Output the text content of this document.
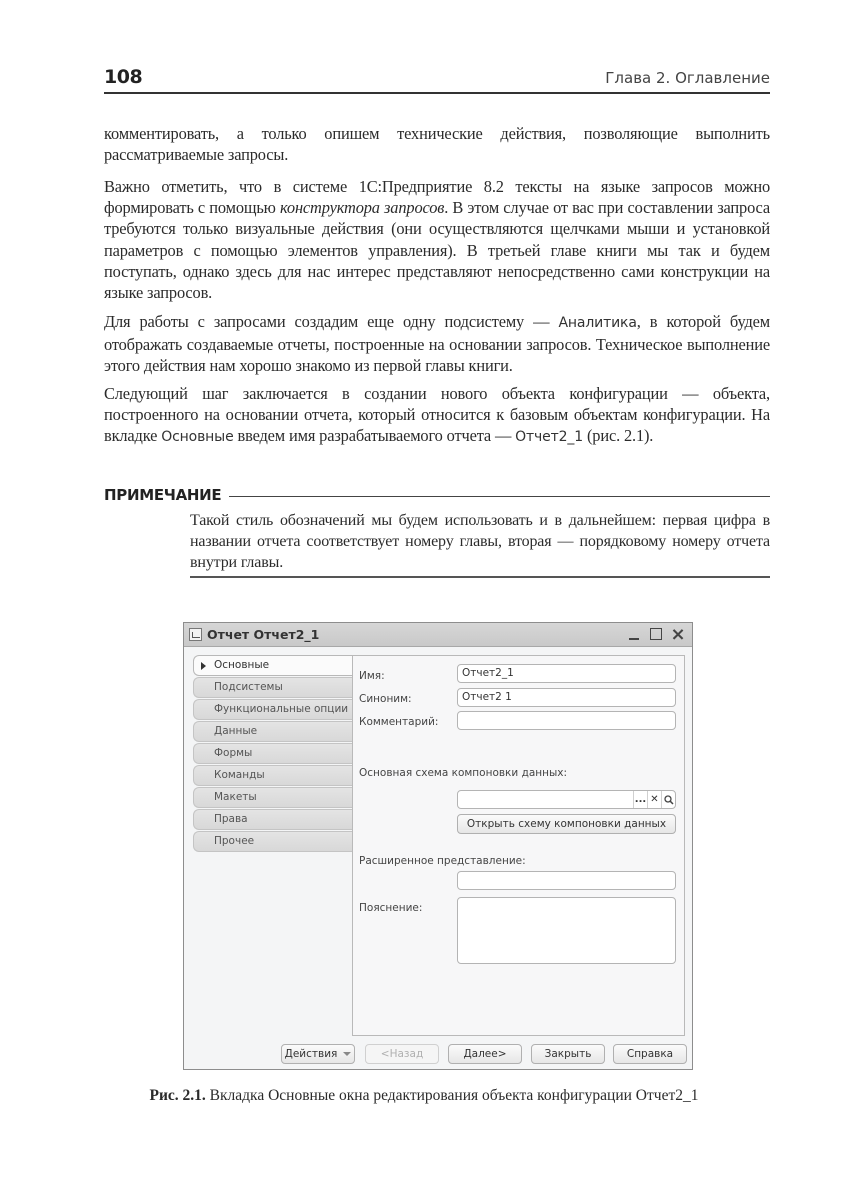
108	Глава 2. Оглавление

комментировать, а только опишем технические действия, позволяющие выполнить рассматриваемые запросы.

Важно отметить, что в системе 1С:Предприятие 8.2 тексты на языке запросов можно формировать с помощью конструктора запросов. В этом случае от вас при составлении запроса требуются только визуальные действия (они осуществляются щелчками мыши и установкой параметров с помощью элементов управления). В третьей главе книги мы так и будем поступать, однако здесь для нас интерес представляют непосредственно сами конструкции на языке запросов.

Для работы с запросами создадим еще одну подсистему — Аналитика, в которой будем отображать создаваемые отчеты, построенные на основании запросов. Техническое выполнение этого действия нам хорошо знакомо из первой главы книги.

Следующий шаг заключается в создании нового объекта конфигурации — объекта, построенного на основании отчета, который относится к базовым объектам конфигурации. На вкладке Основные введем имя разрабатываемого отчета — Отчет2_1 (рис. 2.1).

ПРИМЕЧАНИЕ

Такой стиль обозначений мы будем использовать и в дальнейшем: первая цифра в названии отчета соответствует номеру главы, вторая — порядковому номеру отчета внутри главы.

Отчет Отчет2_1	×
Основные
Подсистемы
Функциональные опции
Данные
Формы
Команды
Макеты
Права
Прочее
Имя:	Отчет2_1
Синоним:	Отчет2 1
Комментарий:
Основная схема компоновки данных:
... ✕
Открыть схему компоновки данных
Расширенное представление:
Пояснение:
Действия	<Назад	Далее>	Закрыть	Справка

Рис. 2.1. Вкладка Основные окна редактирования объекта конфигурации Отчет2_1
